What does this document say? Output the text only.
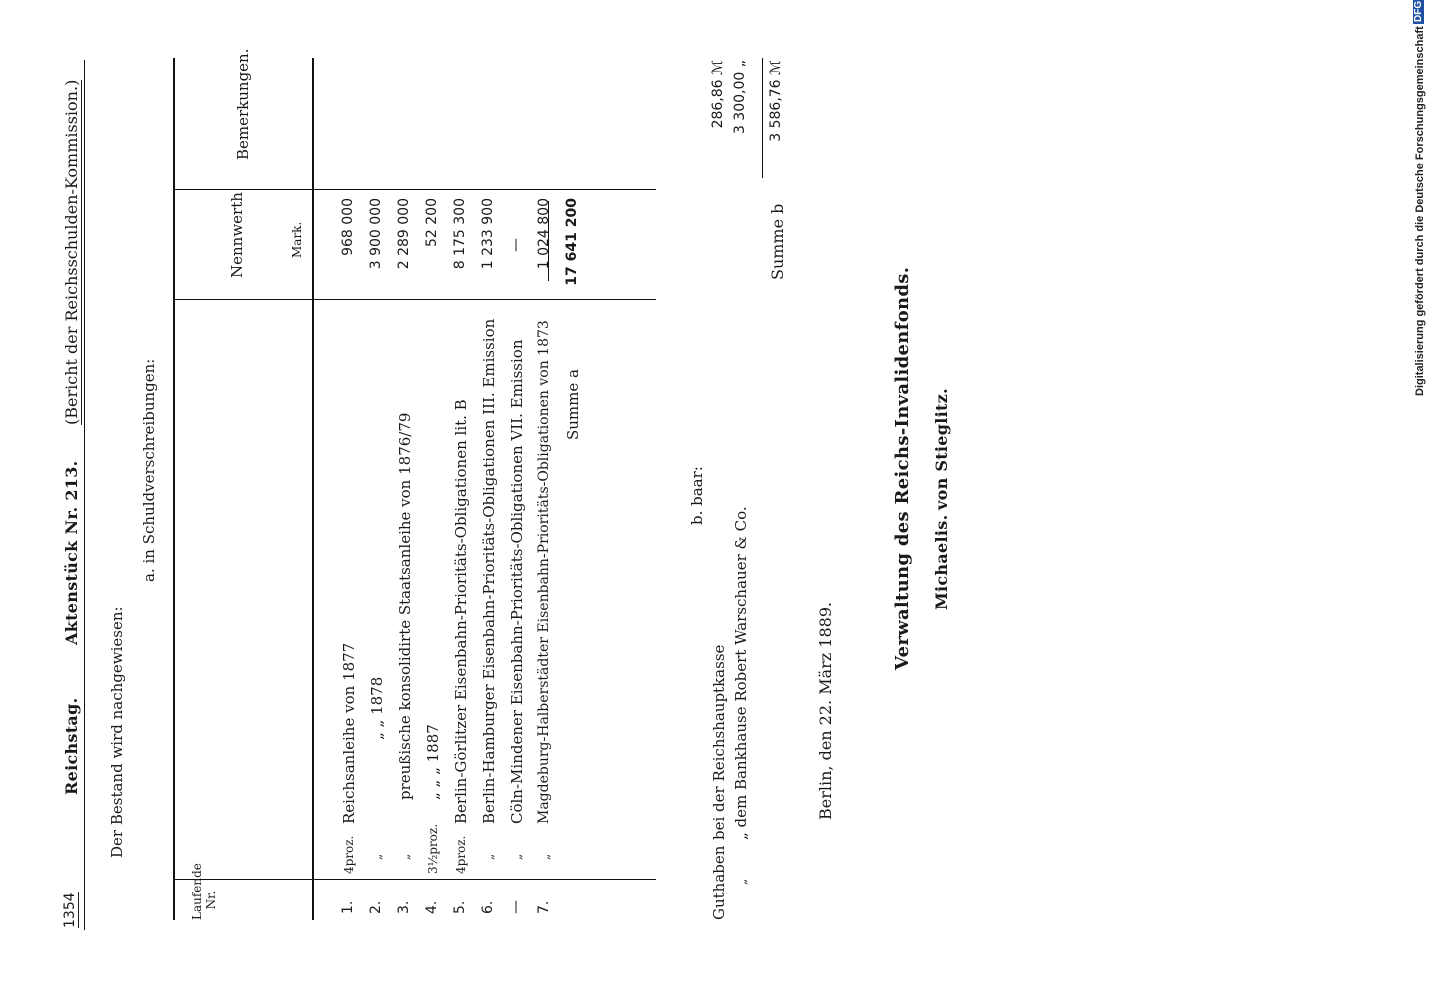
1354
Reichstag.
Aktenstück Nr. 213.
(Bericht der Reichsschulden-Kommission.)
Der Bestand wird nachgewiesen:
a. in Schuldverschreibungen:
Laufende Nr.
Nennwerth	Mark.
Bemerkungen.
1.
4proz.
Reichsanleihe von 1877
968 000
2.
„
„ „ 1878
3 900 000
3.
„
preußische konsolidirte Staatsanleihe von 1876/79
2 289 000
4.
3½proz.
„ „ „ 1887
52 200
5.
4proz.
Berlin-Görlitzer Eisenbahn-Prioritäts-Obligationen lit. B
8 175 300
6.
„
Berlin-Hamburger Eisenbahn-Prioritäts-Obligationen III. Emission
1 233 900
—
„
Cöln-Mindener Eisenbahn-Prioritäts-Obligationen VII. Emission
—
7.
„
Magdeburg-Halberstädter Eisenbahn-Prioritäts-Obligationen von 1873
1 024 800
Summe a
17 641 200
b. baar:
Guthaben
bei der Reichshauptkasse
286,86 ℳ
„
„ dem Bankhause Robert Warschauer & Co.
3 300,00 „
Summe b
3 586,76 ℳ
Berlin, den 22. März 1889.
Verwaltung des Reichs-Invalidenfonds. Michaelis.
von Stieglitz.
Digitalisierung gefördert durch die Deutsche Forschungsgemeinschaft
DFG
